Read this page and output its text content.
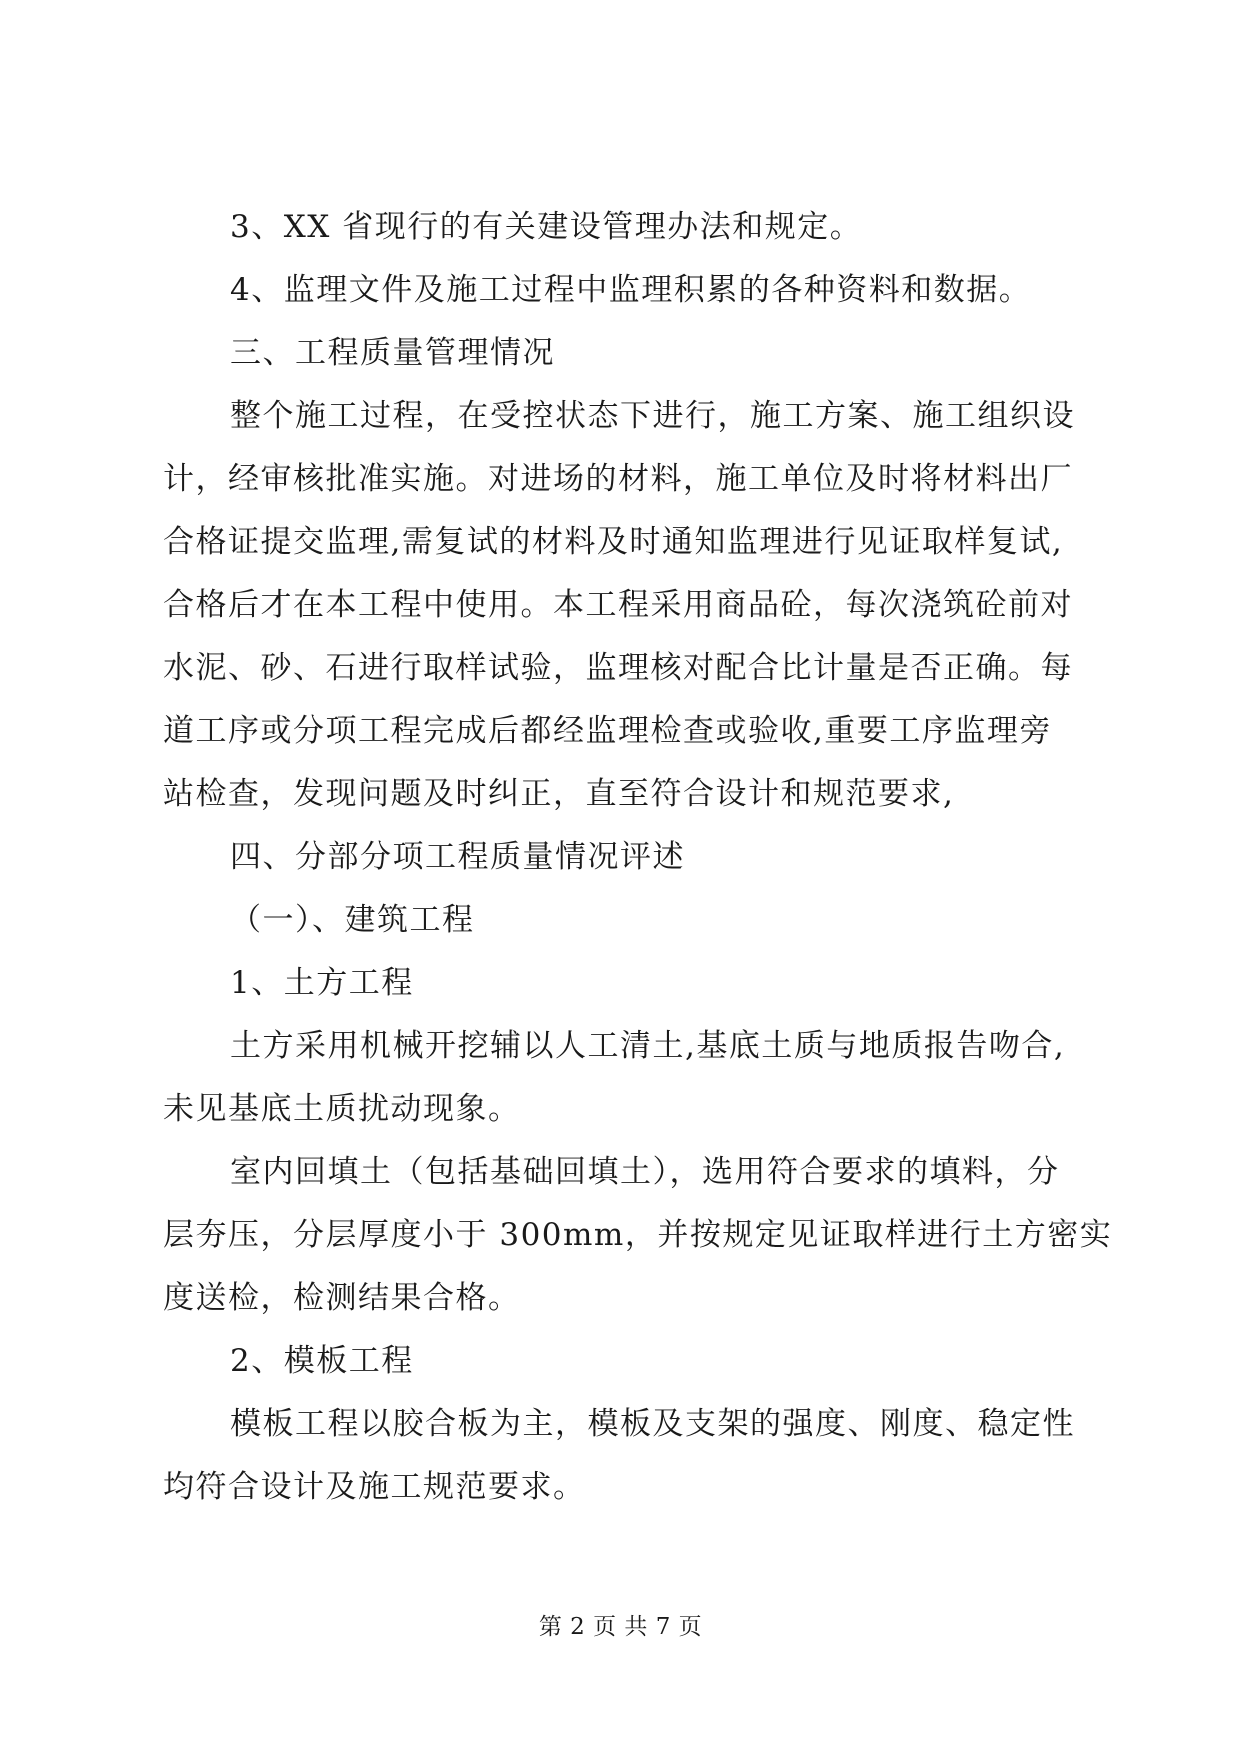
3、XX 省现行的有关建设管理办法和规定。
4、监理文件及施工过程中监理积累的各种资料和数据。
三、工程质量管理情况
整个施工过程，在受控状态下进行，施工方案、施工组织设
计，经审核批准实施。对进场的材料，施工单位及时将材料出厂
合格证提交监理,需复试的材料及时通知监理进行见证取样复试,
合格后才在本工程中使用。本工程采用商品砼，每次浇筑砼前对
水泥、砂、石进行取样试验，监理核对配合比计量是否正确。每
道工序或分项工程完成后都经监理检查或验收,重要工序监理旁
站检查，发现问题及时纠正，直至符合设计和规范要求,
四、分部分项工程质量情况评述
（一）、建筑工程
1、土方工程
土方采用机械开挖辅以人工清土,基底土质与地质报告吻合,
未见基底土质扰动现象。
室内回填土（包括基础回填土），选用符合要求的填料，分
层夯压，分层厚度小于 300mm，并按规定见证取样进行土方密实
度送检，检测结果合格。
2、模板工程
模板工程以胶合板为主，模板及支架的强度、刚度、稳定性
均符合设计及施工规范要求。
第 2 页 共 7 页
